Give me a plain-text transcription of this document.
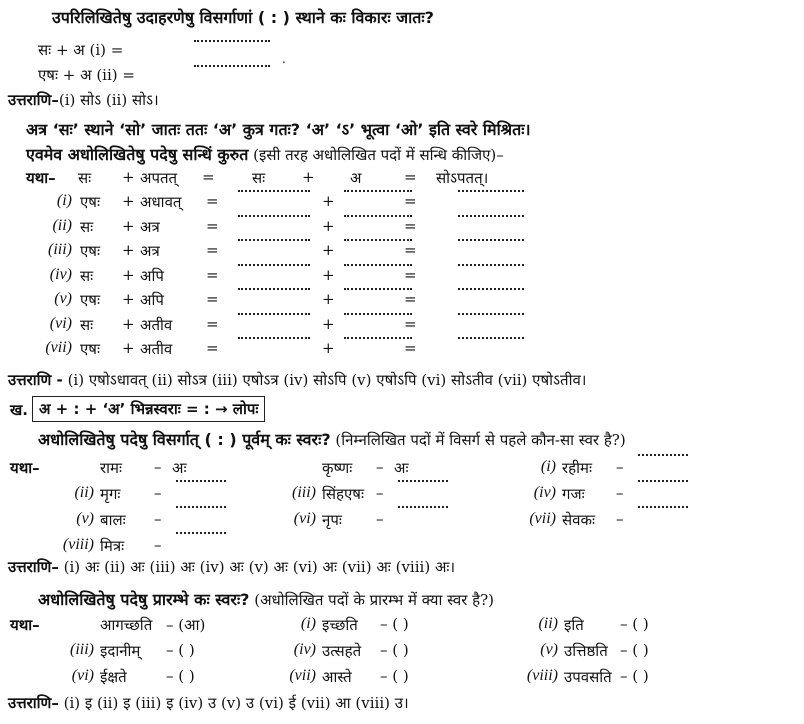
उपरिलिखितेषु उदाहरणेषु विसर्गाणां ( : ) स्थाने कः विकारः जातः?
सः + अ (i) =	.
एषः + अ (ii) =
उत्तराणि–(i) सोऽ (ii) सोऽ।
अत्र ‘सः’ स्थाने ‘सो’ जातः ततः ‘अ’ कुत्र गतः? ‘अ’ ‘ऽ’ भूत्वा ‘ओ’ इति स्वरे मिश्रितः।
एवमेव अधोलिखितेषु पदेषु सन्धिं कुरुत (इसी तरह अधोलिखित पदों में सन्धि कीजिए)–
यथा– सः + अपतत् = सः + अ	= सोऽपतत्।
(i) एषः + अधावत् =	+	=
(ii) सः + अत्र	=	+	=
(iii) एषः + अत्र	=	+	=
(iv) सः + अपि	=	+	=
(v) एषः + अपि	=	+	=
(vi) सः + अतीव =	+	=
(vii) एषः + अतीव =	+	=
उत्तराणि - (i) एषोऽधावत् (ii) सोऽत्र (iii) एषोऽत्र (iv) सोऽपि (v) एषोऽपि (vi) सोऽतीव (vii) एषोऽतीव।
ख. अ + : + ‘अ’ भिन्नस्वराः = : → लोपः
अधोलिखितेषु पदेषु विसर्गात् ( : ) पूर्वम् कः स्वरः? (निम्नलिखित पदों में विसर्ग से पहले कौन-सा स्वर है?)
यथा–	रामः – अः	कृष्णः – अः	(i) रहीमः –
(ii) मृगः –	(iii) सिंहएषः –	(iv) गजः –
(v) बालः –	(vi) नृपः –	(vii) सेवकः –
(viii) मित्रः –
उत्तराणि– (i) अः (ii) अः (iii) अः (iv) अः (v) अः (vi) अः (vii) अः (viii) अः।
अधोलिखितेषु पदेषु प्रारम्भे कः स्वरः? (अधोलिखित पदों के प्रारम्भ में क्या स्वर है?)
यथा–	आगच्छति – (आ)	(i) इच्छति – ( )	(ii) इति – ( )
(iii) इदानीम् – ( )	(iv) उत्सहते – ( )	(v) उत्तिष्ठति – ( )
(vi) ईक्षते	– ( )	(vii) आस्ते – ( )	(viii) उपवसति – ( )
उत्तराणि– (i) इ (ii) इ (iii) इ (iv) उ (v) उ (vi) ई (vii) आ (viii) उ।
